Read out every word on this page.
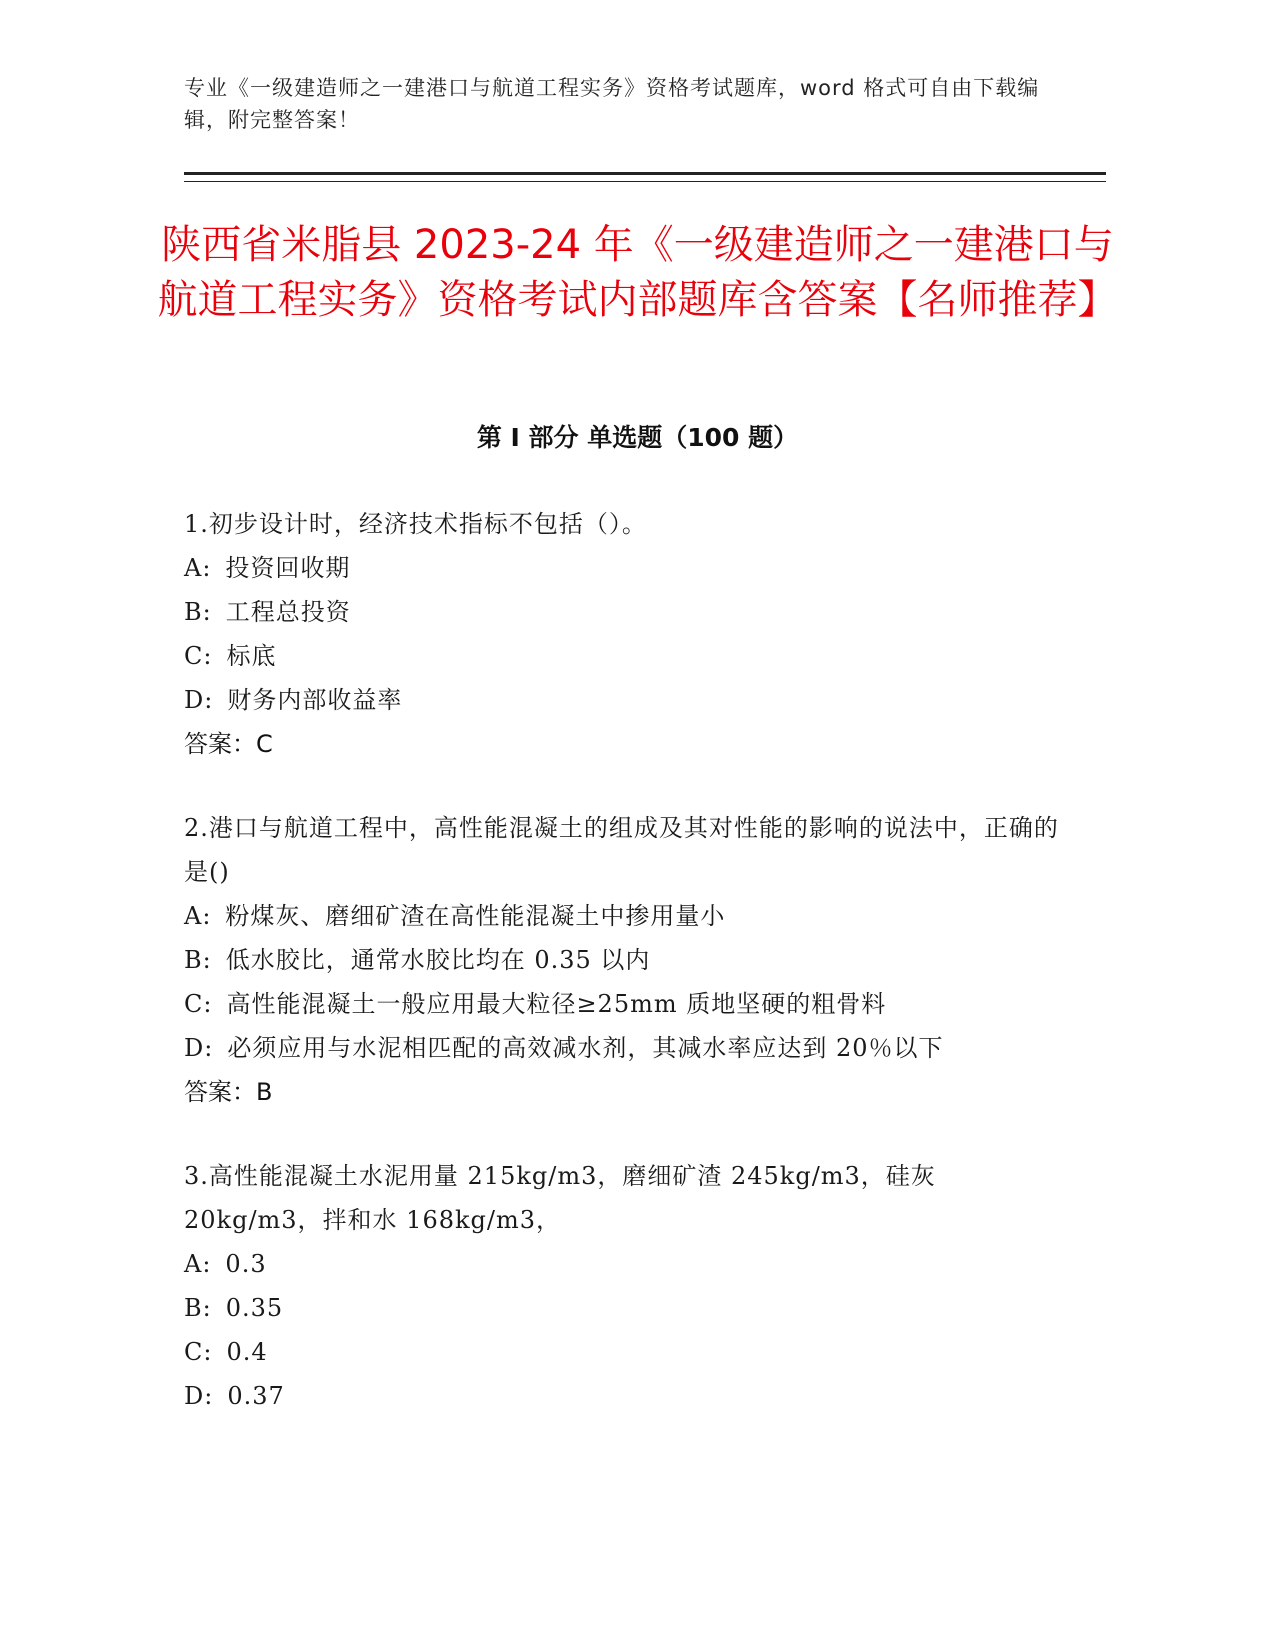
专业《一级建造师之一建港口与航道工程实务》资格考试题库，word 格式可自由下载编辑，附完整答案！
陕西省米脂县 2023-24 年《一级建造师之一建港口与航道工程实务》资格考试内部题库含答案【名师推荐】
第 I 部分 单选题（100 题）
1.初步设计时，经济技术指标不包括（）。
A: 投资回收期
B: 工程总投资
C: 标底
D: 财务内部收益率
答案：C
2.港口与航道工程中，高性能混凝土的组成及其对性能的影响的说法中，正确的是()
A: 粉煤灰、磨细矿渣在高性能混凝土中掺用量小
B: 低水胶比，通常水胶比均在 0.35 以内
C: 高性能混凝土一般应用最大粒径≥25mm 质地坚硬的粗骨料
D: 必须应用与水泥相匹配的高效减水剂，其减水率应达到 20％以下
答案：B
3.高性能混凝土水泥用量 215kg/m3，磨细矿渣 245kg/m3，硅灰 20kg/m3，拌和水 168kg/m3，
A: 0.3
B: 0.35
C: 0.4
D: 0.37
